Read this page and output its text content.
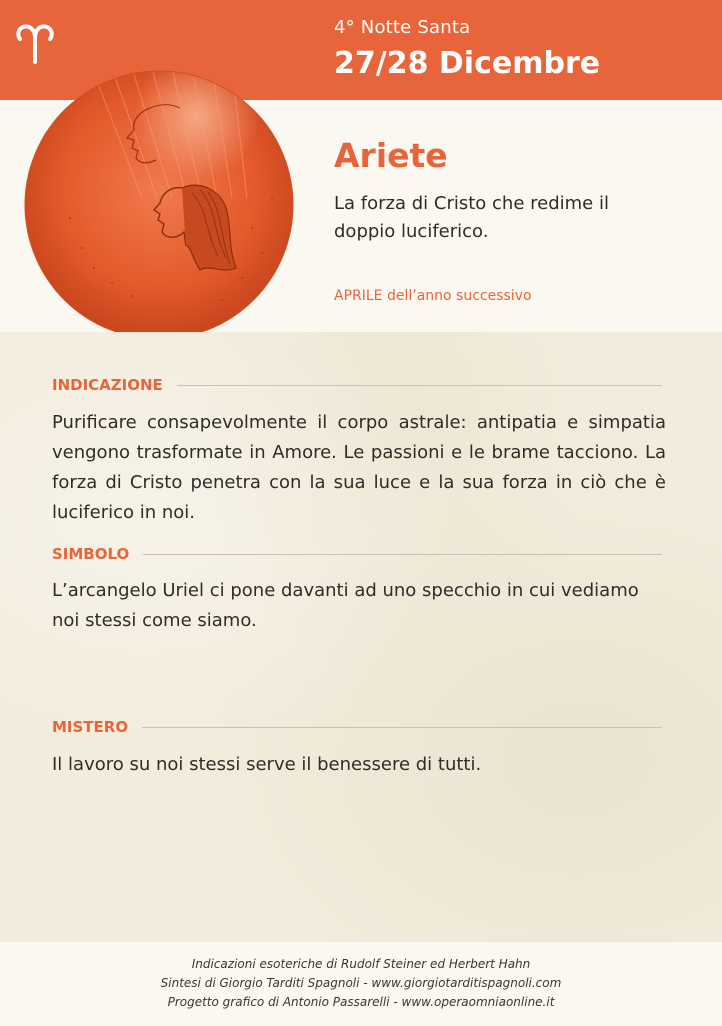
4° Notte Santa
27/28 Dicembre
Ariete
La forza di Cristo che redime il doppio luciferico.
APRILE dell’anno successivo
INDICAZIONE
Purificare consapevolmente il corpo astrale: antipatia e simpatia vengono trasformate in Amore. Le passioni e le brame tacciono. La forza di Cristo penetra con la sua luce e la sua forza in ciò che è luciferico in noi.
SIMBOLO
L’arcangelo Uriel ci pone davanti ad uno specchio in cui vediamo noi stessi come siamo.
MISTERO
Il lavoro su noi stessi serve il benessere di tutti.
Indicazioni esoteriche di Rudolf Steiner ed Herbert Hahn
Sintesi di Giorgio Tarditi Spagnoli - www.giorgiotarditispagnoli.com
Progetto grafico di Antonio Passarelli - www.operaomniaonline.it
